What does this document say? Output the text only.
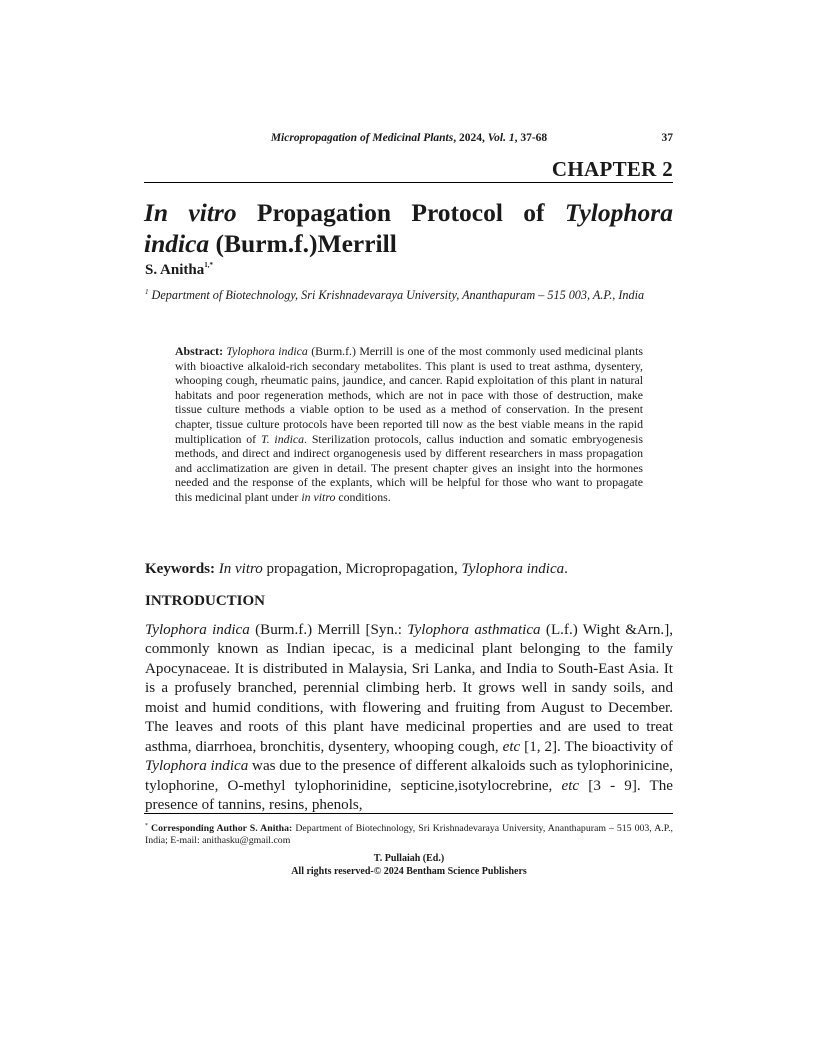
Micropropagation of Medicinal Plants, 2024, Vol. 1, 37-68	37
CHAPTER 2
In vitro Propagation Protocol of Tylophora indica (Burm.f.)Merrill
S. Anitha$^{1,*}$
$^1$ Department of Biotechnology, Sri Krishnadevaraya University, Ananthapuram – 515 003, A.P., India

Abstract: Tylophora indica (Burm.f.) Merrill is one of the most commonly used medicinal plants with bioactive alkaloid-rich secondary metabolites. This plant is used to treat asthma, dysentery, whooping cough, rheumatic pains, jaundice, and cancer. Rapid exploitation of this plant in natural habitats and poor regeneration methods, which are not in pace with those of destruction, make tissue culture methods a viable option to be used as a method of conservation. In the present chapter, tissue culture protocols have been reported till now as the best viable means in the rapid multiplication of T. indica. Sterilization protocols, callus induction and somatic embryogenesis methods, and direct and indirect organogenesis used by different researchers in mass propagation and acclimatization are given in detail. The present chapter gives an insight into the hormones needed and the response of the explants, which will be helpful for those who want to propagate this medicinal plant under in vitro conditions.

Keywords: In vitro propagation, Micropropagation, Tylophora indica.
INTRODUCTION

Tylophora indica (Burm.f.) Merrill [Syn.: Tylophora asthmatica (L.f.) Wight &Arn.], commonly known as Indian ipecac, is a medicinal plant belonging to the family Apocynaceae. It is distributed in Malaysia, Sri Lanka, and India to South-East Asia. It is a profusely branched, perennial climbing herb. It grows well in sandy soils, and moist and humid conditions, with flowering and fruiting from August to December. The leaves and roots of this plant have medicinal properties and are used to treat asthma, diarrhoea, bronchitis, dysentery, whooping cough, etc [1, 2]. The bioactivity of Tylophora indica was due to the presence of different alkaloids such as tylophorinicine, tylophorine, O-methyl tylophorinidine, septicine,isotylocrebrine, etc [3 - 9]. The presence of tannins, resins, phenols,

* Corresponding Author S. Anitha: Department of Biotechnology, Sri Krishnadevaraya University, Ananthapuram – 515 003, A.P., India; E-mail: anithasku@gmail.com
T. Pullaiah (Ed.)
All rights reserved-© 2024 Bentham Science Publishers
